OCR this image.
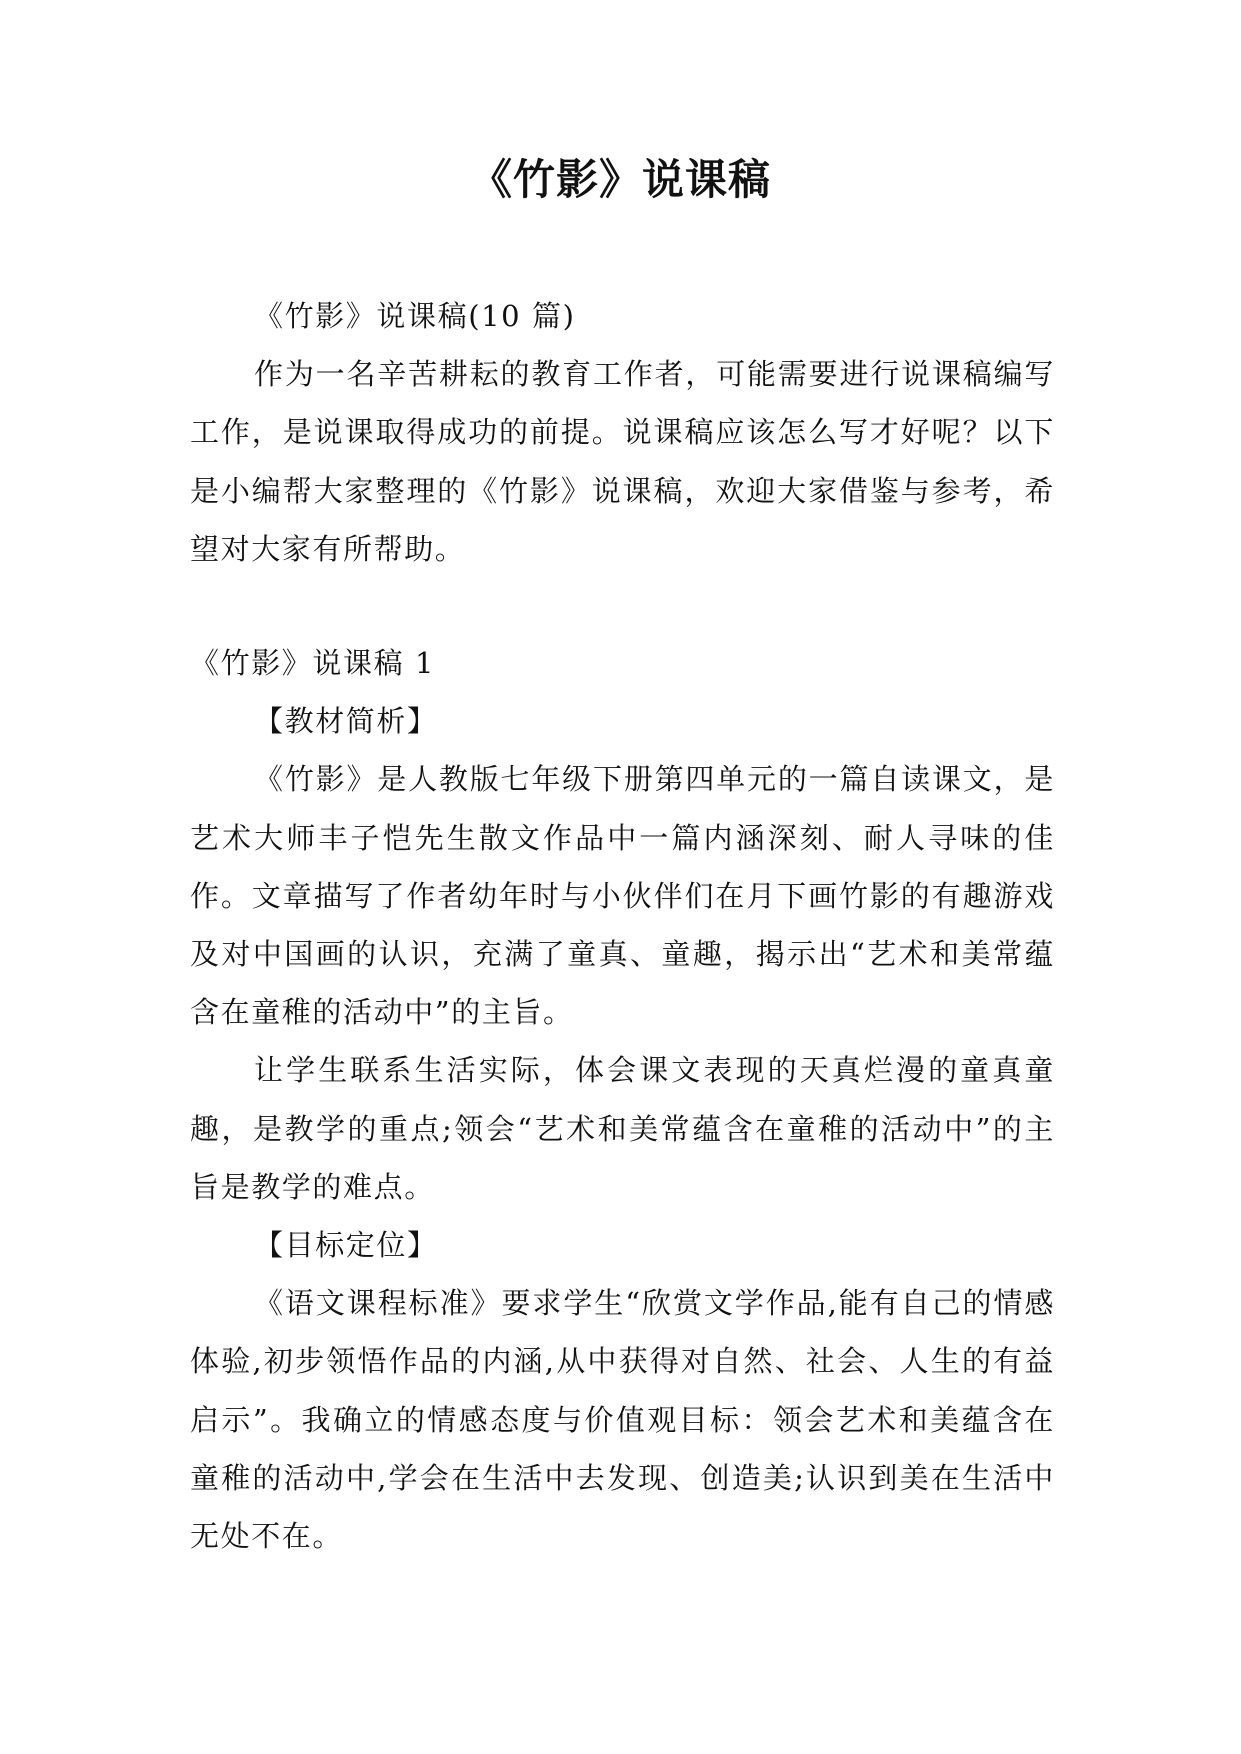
《竹影》说课稿

《竹影》说课稿(10 篇)

作为一名辛苦耕耘的教育工作者，可能需要进行说课稿编写工作，是说课取得成功的前提。说课稿应该怎么写才好呢？以下是小编帮大家整理的《竹影》说课稿，欢迎大家借鉴与参考，希望对大家有所帮助。

《竹影》说课稿 1

【教材简析】

《竹影》是人教版七年级下册第四单元的一篇自读课文，是艺术大师丰子恺先生散文作品中一篇内涵深刻、耐人寻味的佳作。文章描写了作者幼年时与小伙伴们在月下画竹影的有趣游戏及对中国画的认识，充满了童真、童趣，揭示出“艺术和美常蕴含在童稚的活动中”的主旨。

让学生联系生活实际，体会课文表现的天真烂漫的童真童趣，是教学的重点;领会“艺术和美常蕴含在童稚的活动中”的主旨是教学的难点。

【目标定位】

《语文课程标准》要求学生“欣赏文学作品,能有自己的情感体验,初步领悟作品的内涵,从中获得对自然、社会、人生的有益启示”。我确立的情感态度与价值观目标：领会艺术和美蕴含在童稚的活动中,学会在生活中去发现、创造美;认识到美在生活中无处不在。
